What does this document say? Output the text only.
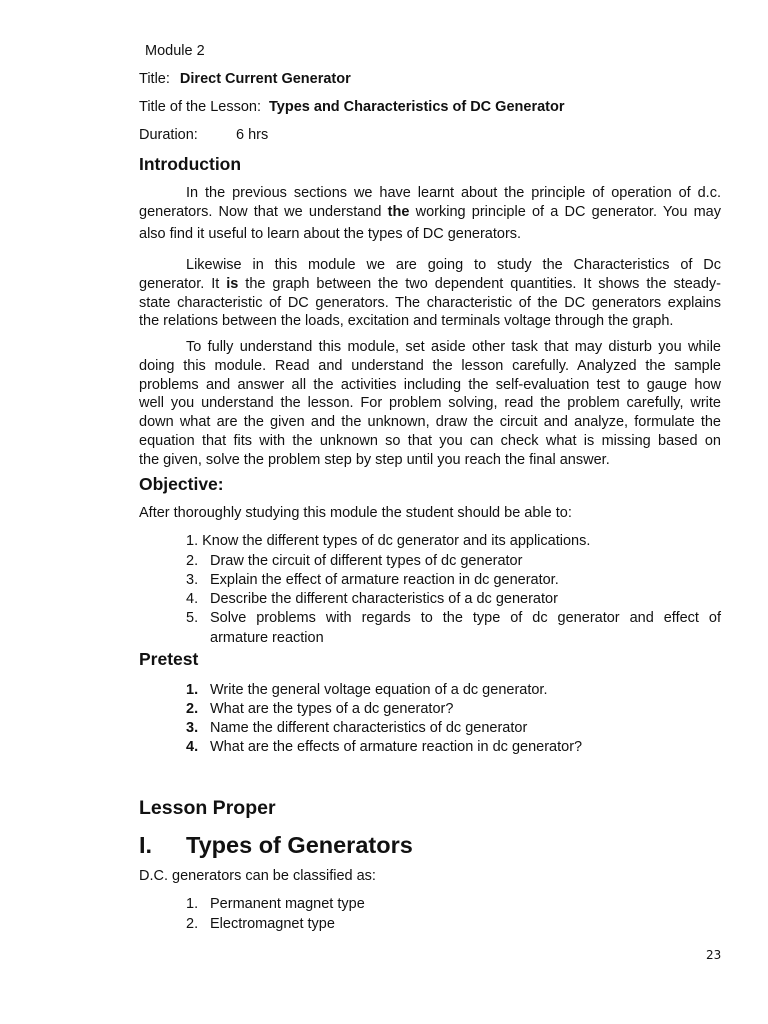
Module 2
Title: Direct Current Generator
Title of the Lesson: Types and Characteristics of DC Generator
Duration:	6 hrs
Introduction
In the previous sections we have learnt about the principle of operation of d.c.
generators. Now that we understand the working principle of a DC generator. You may
also find it useful to learn about the types of DC generators.
Likewise in this module we are going to study the Characteristics of Dc
generator. It is the graph between the two dependent quantities. It shows the steady-
state characteristic of DC generators. The characteristic of the DC generators explains
the relations between the loads, excitation and terminals voltage through the graph.
To fully understand this module, set aside other task that may disturb you while
doing this module. Read and understand the lesson carefully. Analyzed the sample
problems and answer all the activities including the self-evaluation test to gauge how
well you understand the lesson. For problem solving, read the problem carefully, write
down what are the given and the unknown, draw the circuit and analyze, formulate the
equation that fits with the unknown so that you can check what is missing based on
the given, solve the problem step by step until you reach the final answer.
Objective:
After thoroughly studying this module the student should be able to:
1. Know the different types of dc generator and its applications.
2. Draw the circuit of different types of dc generator
3. Explain the effect of armature reaction in dc generator.
4. Describe the different characteristics of a dc generator
5. Solve problems with regards to the type of dc generator and effect of
armature reaction
Pretest
1. Write the general voltage equation of a dc generator.
2. What are the types of a dc generator?
3. Name the different characteristics of dc generator
4. What are the effects of armature reaction in dc generator?
Lesson Proper
I. Types of Generators
D.C. generators can be classified as:
1. Permanent magnet type
2. Electromagnet type
23
